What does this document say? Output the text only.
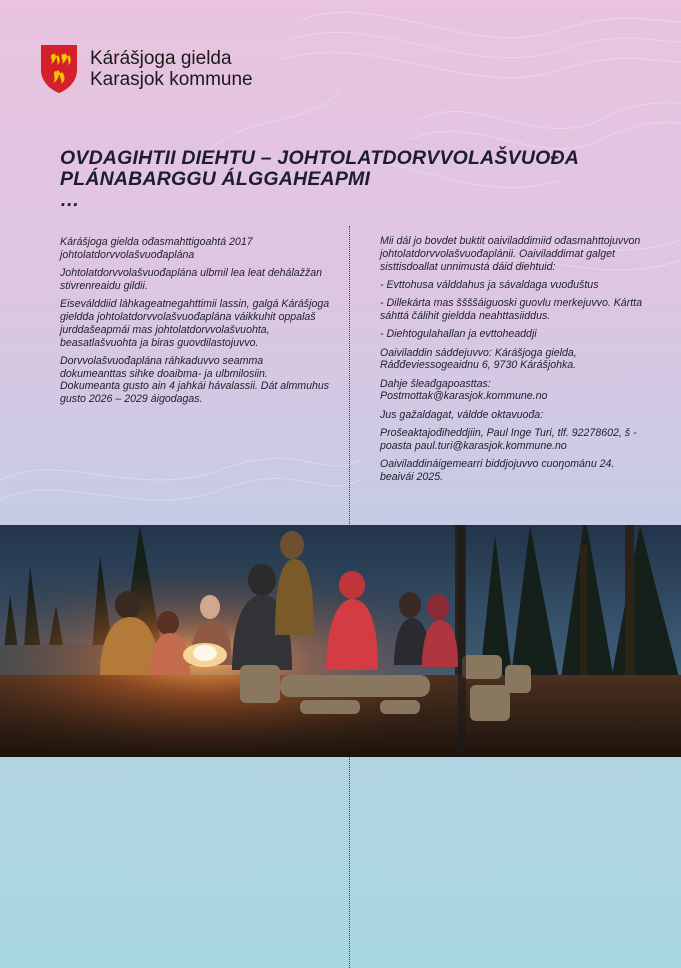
Kárášjoga gielda
Karasjok kommune
OVDAGIHTII DIEHTU – JOHTOLATDORVVOLAŠVUOĐA
PLÁNABARGGU ÁLGGAHEAPMI
…

Kárášjoga gielda ođasmahttigoahtá 2017 johtolatdorvvolašvuođaplána

Johtolatdorvvolašvuođaplána ulbmil lea leat dehálažžan stivrenreaidu gildii.

Eiseválddiid láhkageatnegahttimii lassin, galgá Kárášjoga gieldda johtolatdorvvolašvuođaplána váikkuhit oppalaš jurddašeapmái mas johtolatdorvvolašvuohta, beasatlašvuohta ja biras guovdilastojuvvo.

Dorvvolašvuođaplána ráhkaduvvo seamma dokumeanttas sihke doaibma- ja ulbmilosiin. Dokumeanta gusto ain 4 jahkái hávalassii. Dát almmuhus gusto 2026 – 2029 áigodagas.

Mii dál jo bovdet buktit oaiviladdimiid ođasmahttojuvvon johtolatdorvvolašvuođaplánii. Oaiviladdimat galget sisttisdoallat unnimustá dáid diehtuid:

- Evttohusa válddahus ja sávaldaga vuođuštus

- Dillekárta mas ššššáiguoski guovlu merkejuvvo. Kártta sáhttá čálihit gieldda neahttasiiddus.

- Diehtogulahallan ja evttoheaddji

Oaiviladdin sáddejuvvo: Kárášjoga gielda, Ráđđeviessogeaidnu 6, 9730 Kárášjohka.

Dahje šleađgapoasttas: Postmottak@karasjok.kommune.no

Jus gažaldagat, váldde oktavuođa:

Prošeaktajođiheddjiin, Paul Inge Turi, tlf. 92278602, š - poasta paul.turi@karasjok.kommune.no

Oaiviladdináigemearri biddjojuvvo cuoŋománu 24. beaivái 2025.
